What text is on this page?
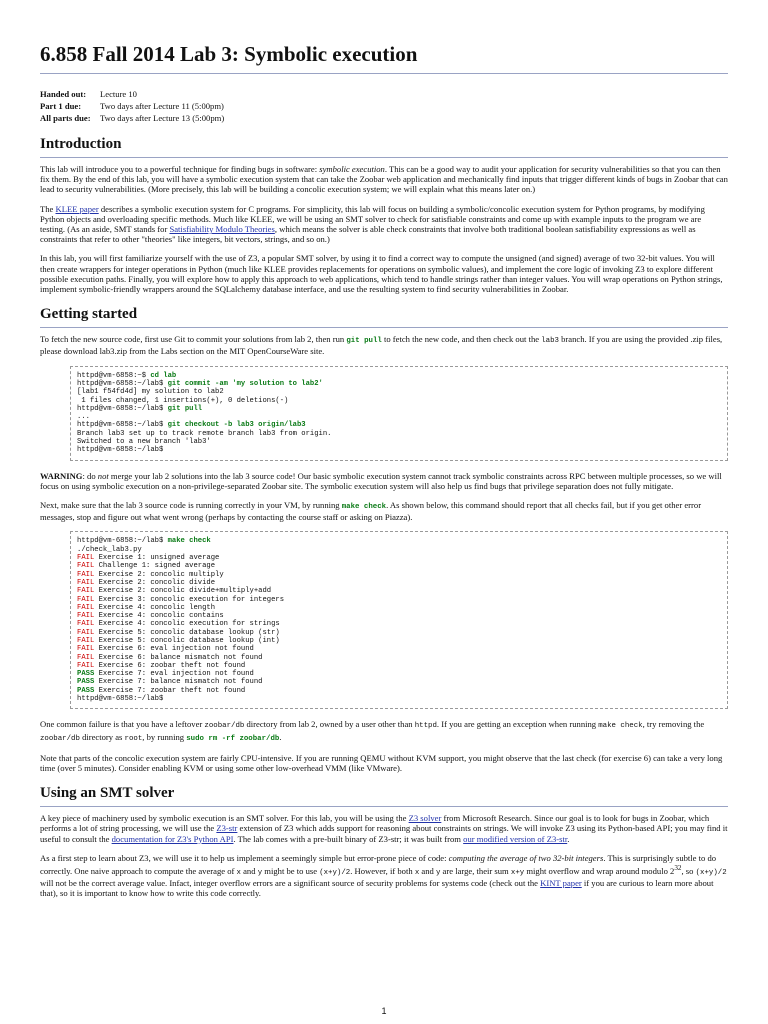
6.858 Fall 2014 Lab 3: Symbolic execution
Handed out:	Lecture 10
Part 1 due:	Two days after Lecture 11 (5:00pm)
All parts due:	Two days after Lecture 13 (5:00pm)
Introduction

This lab will introduce you to a powerful technique for finding bugs in software: symbolic execution. This can be a good way to audit your application for security vulnerabilities so that you can then fix them. By the end of this lab, you will have a symbolic execution system that can take the Zoobar web application and mechanically find inputs that trigger different kinds of bugs in Zoobar that can lead to security vulnerabilities. (More precisely, this lab will be building a concolic execution system; we will explain what this means later on.)

The KLEE paper describes a symbolic execution system for C programs. For simplicity, this lab will focus on building a symbolic/concolic execution system for Python programs, by modifying Python objects and overloading specific methods. Much like KLEE, we will be using an SMT solver to check for satisfiable constraints and come up with example inputs to the program we are testing. (As an aside, SMT stands for Satisfiability Modulo Theories, which means the solver is able check constraints that involve both traditional boolean satisfiability expressions as well as constraints that refer to other "theories" like integers, bit vectors, strings, and so on.)

In this lab, you will first familiarize yourself with the use of Z3, a popular SMT solver, by using it to find a correct way to compute the unsigned (and signed) average of two 32-bit values. You will then create wrappers for integer operations in Python (much like KLEE provides replacements for operations on symbolic values), and implement the core logic of invoking Z3 to explore different possible execution paths. Finally, you will explore how to apply this approach to web applications, which tend to handle strings rather than integer values. You will wrap operations on Python strings, implement symbolic-friendly wrappers around the SQLalchemy database interface, and use the resulting system to find security vulnerabilities in Zoobar.

Getting started

To fetch the new source code, first use Git to commit your solutions from lab 2, then run git pull to fetch the new code, and then check out the lab3 branch. If you are using the provided .zip files, please download lab3.zip from the Labs section on the MIT OpenCourseWare site.

httpd@vm-6858:~$ cd lab
httpd@vm-6858:~/lab$ git commit -am 'my solution to lab2'
[lab1 f54fd4d] my solution to lab2
1 files changed, 1 insertions(+), 0 deletions(-)
httpd@vm-6858:~/lab$ git pull
...
httpd@vm-6858:~/lab$ git checkout -b lab3 origin/lab3
Branch lab3 set up to track remote branch lab3 from origin.
Switched to a new branch 'lab3'
httpd@vm-6858:~/lab$

WARNING: do not merge your lab 2 solutions into the lab 3 source code! Our basic symbolic execution system cannot track symbolic constraints across RPC between multiple processes, so we will focus on using symbolic execution on a non-privilege-separated Zoobar site. The symbolic execution system will also help us find bugs that privilege separation does not fully mitigate.

Next, make sure that the lab 3 source code is running correctly in your VM, by running make check. As shown below, this command should report that all checks fail, but if you get other error messages, stop and figure out what went wrong (perhaps by contacting the course staff or asking on Piazza).

httpd@vm-6858:~/lab$ make check
./check_lab3.py
FAIL Exercise 1: unsigned average
FAIL Challenge 1: signed average
FAIL Exercise 2: concolic multiply
FAIL Exercise 2: concolic divide
FAIL Exercise 2: concolic divide+multiply+add
FAIL Exercise 3: concolic execution for integers
FAIL Exercise 4: concolic length
FAIL Exercise 4: concolic contains
FAIL Exercise 4: concolic execution for strings
FAIL Exercise 5: concolic database lookup (str)
FAIL Exercise 5: concolic database lookup (int)
FAIL Exercise 6: eval injection not found
FAIL Exercise 6: balance mismatch not found
FAIL Exercise 6: zoobar theft not found
PASS Exercise 7: eval injection not found
PASS Exercise 7: balance mismatch not found
PASS Exercise 7: zoobar theft not found
httpd@vm-6858:~/lab$

One common failure is that you have a leftover zoobar/db directory from lab 2, owned by a user other than httpd. If you are getting an exception when running make check, try removing the zoobar/db directory as root, by running sudo rm -rf zoobar/db.

Note that parts of the concolic execution system are fairly CPU-intensive. If you are running QEMU without KVM support, you might observe that the last check (for exercise 6) can take a very long time (over 5 minutes). Consider enabling KVM or using some other low-overhead VMM (like VMware).

Using an SMT solver

A key piece of machinery used by symbolic execution is an SMT solver. For this lab, you will be using the Z3 solver from Microsoft Research. Since our goal is to look for bugs in Zoobar, which performs a lot of string processing, we will use the Z3-str extension of Z3 which adds support for reasoning about constraints on strings. We will invoke Z3 using its Python-based API; you may find it useful to consult the documentation for Z3's Python API. The lab comes with a pre-built binary of Z3-str; it was built from our modified version of Z3-str.

As a first step to learn about Z3, we will use it to help us implement a seemingly simple but error-prone piece of code: computing the average of two 32-bit integers. This is surprisingly subtle to do correctly. One naive approach to compute the average of x and y might be to use (x+y)/2. However, if both x and y are large, their sum x+y might overflow and wrap around modulo $2^{32}$, so (x+y)/2 will not be the correct average value. Infact, integer overflow errors are a significant source of security problems for systems code (check out the KINT paper if you are curious to learn more about that), so it is important to know how to write this code correctly.

1
